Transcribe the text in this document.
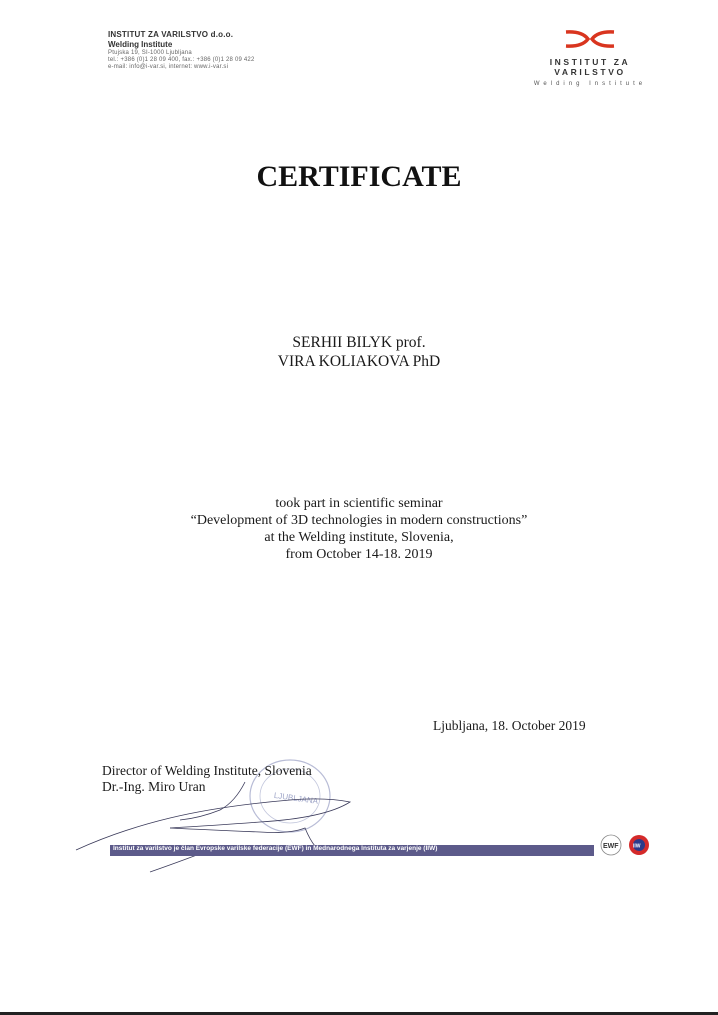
INSTITUT ZA VARILSTVO d.o.o.
Welding Institute
Ptujska 19, SI-1000 Ljubljana
tel.: +386 (0)1 28 09 400, fax.: +386 (0)1 28 09 422
e-mail: info@i-var.si, internet: www.i-var.si	INSTITUT ZA VARILSTVO
Welding Institute
CERTIFICATE
SERHII BILYK prof.
VIRA KOLIAKOVA PhD
took part in scientific seminar
“Development of 3D technologies in modern constructions”
at the Welding institute, Slovenia,
from October 14-18. 2019
Ljubljana, 18. October 2019
LJUBLJANA
Director of Welding Institute, Slovenia
Dr.-Ing. Miro Uran
Institut za varilstvo je član Evropske varilske federacije (EWF) in Mednarodnega Instituta za varjenje (IIW)	EWF	IIW
